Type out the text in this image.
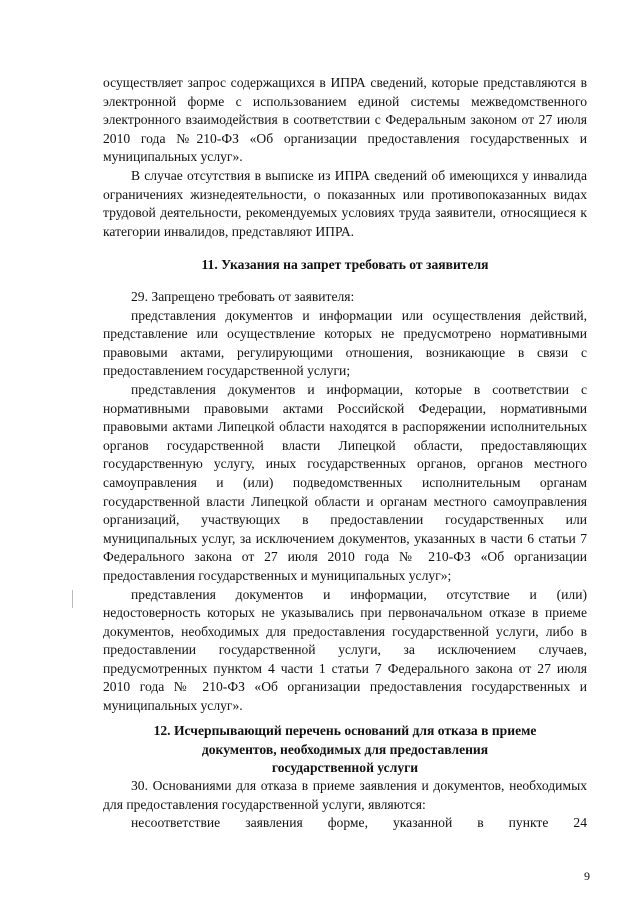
осуществляет запрос содержащихся в ИПРА сведений, которые представляются в электронной форме с использованием единой системы межведомственного электронного взаимодействия в соответствии с Федеральным законом от 27 июля 2010 года №210-ФЗ «Об организации предоставления государственных и муниципальных услуг».

В случае отсутствия в выписке из ИПРА сведений об имеющихся у инвалида ограничениях жизнедеятельности, о показанных или противопоказанных видах трудовой деятельности, рекомендуемых условиях труда заявители, относящиеся к категории инвалидов, представляют ИПРА.

11. Указания на запрет требовать от заявителя

29. Запрещено требовать от заявителя:

представления документов и информации или осуществления действий, представление или осуществление которых не предусмотрено нормативными правовыми актами, регулирующими отношения, возникающие в связи с предоставлением государственной услуги;

представления документов и информации, которые в соответствии с нормативными правовыми актами Российской Федерации, нормативными правовыми актами Липецкой области находятся в распоряжении исполнительных органов государственной власти Липецкой области, предоставляющих государственную услугу, иных государственных органов, органов местного самоуправления и (или) подведомственных исполнительным органам государственной власти Липецкой области и органам местного самоуправления организаций, участвующих в предоставлении государственных или муниципальных услуг, за исключением документов, указанных в части 6 статьи 7 Федерального закона от 27 июля 2010 года № 210-ФЗ «Об организации предоставления государственных и муниципальных услуг»;

представления документов и информации, отсутствие и (или) недостоверность которых не указывались при первоначальном отказе в приеме документов, необходимых для предоставления государственной услуги, либо в предоставлении государственной услуги, за исключением случаев, предусмотренных пунктом 4 части 1 статьи 7 Федерального закона от 27 июля 2010 года № 210-ФЗ «Об организации предоставления государственных и муниципальных услуг».

12. Исчерпывающий перечень оснований для отказа в приеме

документов, необходимых для предоставления

государственной услуги

30. Основаниями для отказа в приеме заявления и документов, необходимых для предоставления государственной услуги, являются:

несоответствие заявления форме, указанной в пункте 24

9
